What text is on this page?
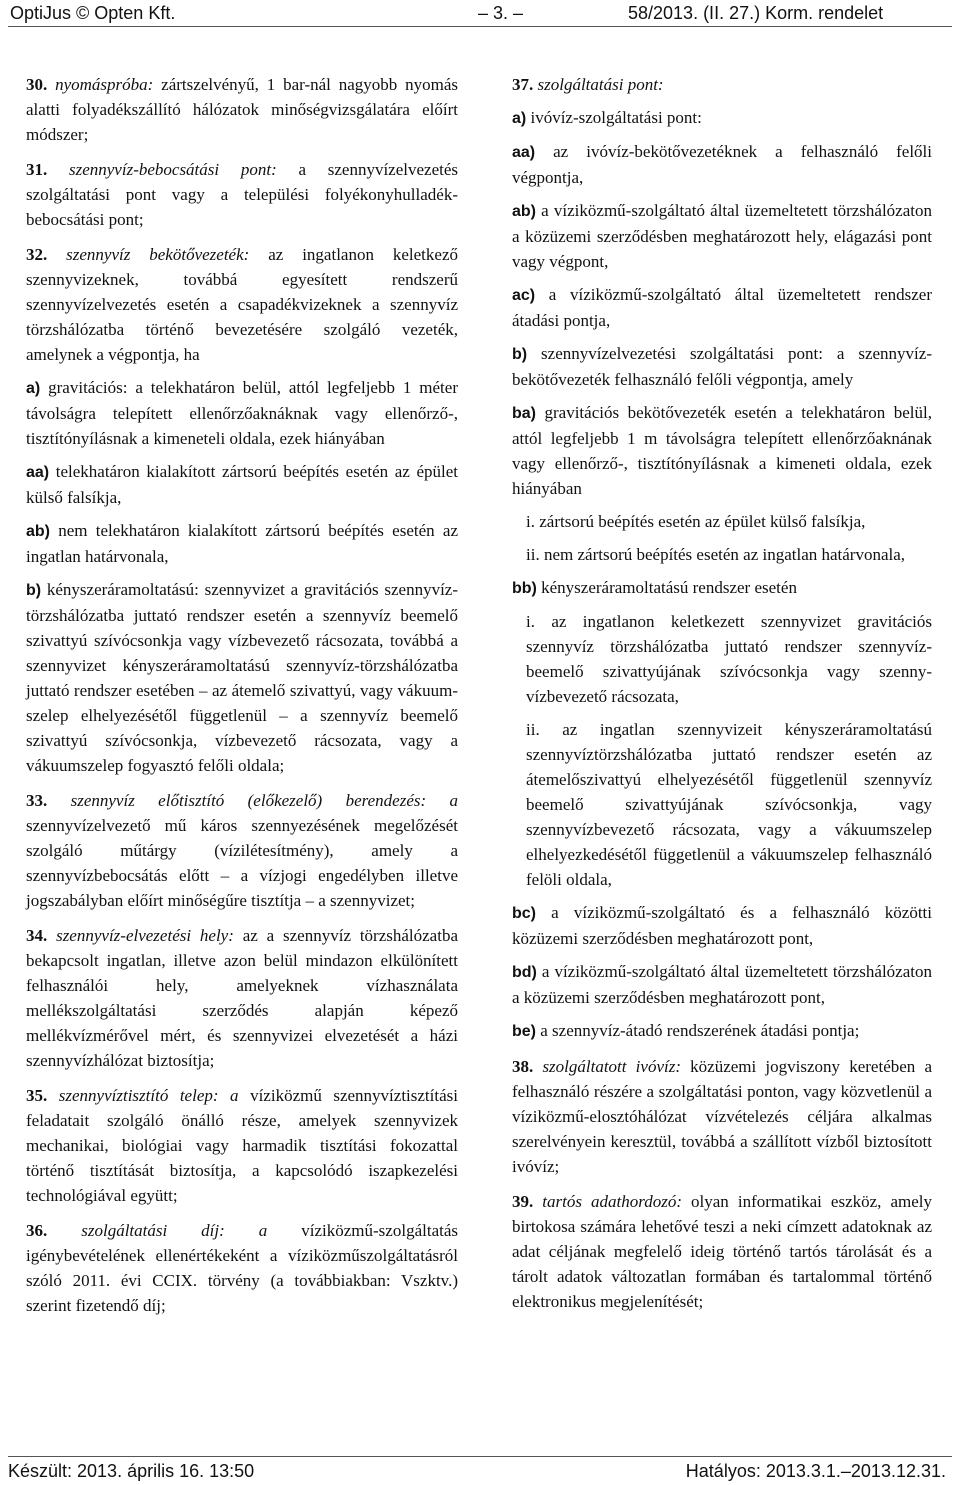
OptiJus © Opten Kft.	– 3. –	58/2013. (II. 27.) Korm. rendelet

30. nyomáspróba: zártszelvényű, 1 bar-nál nagyobb nyomás alatti folyadékszállító hálózatok minőségvizsgálatára előírt módszer;

31. szennyvíz-bebocsátási pont: a szennyvízelvezetés szolgáltatási pont vagy a települési folyékonyhulladék-bebocsátási pont;

32. szennyvíz bekötővezeték: az ingatlanon keletkező szennyvizeknek, továbbá egyesített rendszerű szennyvízelvezetés esetén a csapadékvizeknek a szennyvíz törzshálózatba történő bevezetésére szolgáló vezeték, amelynek a végpontja, ha

a) gravitációs: a telekhatáron belül, attól legfeljebb 1 méter távolságra telepített ellenőrzőaknáknak vagy ellenőrző-, tisztítónyílásnak a kimeneteli oldala, ezek hiányában

aa) telekhatáron kialakított zártsorú beépítés esetén az épület külső falsíkja,

ab) nem telekhatáron kialakított zártsorú beépítés esetén az ingatlan határvonala,

b) kényszeráramoltatású: szennyvizet a gravitációs szennyvíz-törzshálózatba juttató rendszer esetén a szennyvíz beemelő szivattyú szívócsonkja vagy vízbevezető rácsozata, továbbá a szennyvizet kényszeráramoltatású szennyvíz-törzshálózatba juttató rendszer esetében – az átemelő szivattyú, vagy vákuumszelep elhelyezésétől függetlenül – a szennyvíz beemelő szivattyú szívócsonkja, vízbevezető rácsozata, vagy a vákuumszelep fogyasztó felőli oldala;

33. szennyvíz előtisztító (előkezelő) berendezés: a szennyvízelvezető mű káros szennyezésének megelőzését szolgáló műtárgy (vízilétesítmény), amely a szennyvízbebocsátás előtt – a vízjogi engedélyben illetve jogszabályban előírt minőségűre tisztítja – a szennyvizet;

34. szennyvíz-elvezetési hely: az a szennyvíz törzshálózatba bekapcsolt ingatlan, illetve azon belül mindazon elkülönített felhasználói hely, amelyeknek vízhasználata mellékszolgáltatási szerződés alapján képező mellékvízmérővel mért, és szennyvizei elvezetését a házi szennyvízhálózat biztosítja;

35. szennyvíztisztító telep: a víziközmű szennyvíztisztítási feladatait szolgáló önálló része, amelyek szennyvizek mechanikai, biológiai vagy harmadik tisztítási fokozattal történő tisztítását biztosítja, a kapcsolódó iszapkezelési technológiával együtt;

36. szolgáltatási díj: a víziközmű-szolgáltatás igénybevételének ellenértékeként a víziközműszolgáltatásról szóló 2011. évi CCIX. törvény (a továbbiakban: Vszktv.) szerint fizetendő díj;

37. szolgáltatási pont:

a) ivóvíz-szolgáltatási pont:

aa) az ivóvíz-bekötővezetéknek a felhasználó felőli végpontja,

ab) a víziközmű-szolgáltató által üzemeltetett törzshálózaton a közüzemi szerződésben meghatározott hely, elágazási pont vagy végpont,

ac) a víziközmű-szolgáltató által üzemeltetett rendszer átadási pontja,

b) szennyvízelvezetési szolgáltatási pont: a szennyvíz-bekötővezeték felhasználó felőli végpontja, amely

ba) gravitációs bekötővezeték esetén a telekhatáron belül, attól legfeljebb 1 m távolságra telepített ellenőrzőaknának vagy ellenőrző-, tisztítónyílásnak a kimeneti oldala, ezek hiányában

i. zártsorú beépítés esetén az épület külső falsíkja,

ii. nem zártsorú beépítés esetén az ingatlan határvonala,

bb) kényszeráramoltatású rendszer esetén

i. az ingatlanon keletkezett szennyvizet gravitációs szennyvíz törzshálózatba juttató rendszer szennyvízbeemelő szivattyújának szívócsonkja vagy szennyvízbevezető rácsozata,

ii. az ingatlan szennyvizeit kényszeráramoltatású szennyvíztörzshálózatba juttató rendszer esetén az átemelőszivattyú elhelyezésétől függetlenül szennyvíz beemelő szivattyújának szívócsonkja, vagy szennyvízbevezető rácsozata, vagy a vákuumszelep elhelyezkedésétől függetlenül a vákuumszelep felhasználó felöli oldala,

bc) a víziközmű-szolgáltató és a felhasználó közötti közüzemi szerződésben meghatározott pont,

bd) a víziközmű-szolgáltató által üzemeltetett törzshálózaton a közüzemi szerződésben meghatározott pont,

be) a szennyvíz-átadó rendszerének átadási pontja;

38. szolgáltatott ivóvíz: közüzemi jogviszony keretében a felhasználó részére a szolgáltatási ponton, vagy közvetlenül a víziközmű-elosztóhálózat vízvételezés céljára alkalmas szerelvényein keresztül, továbbá a szállított vízből biztosított ivóvíz;

39. tartós adathordozó: olyan informatikai eszköz, amely birtokosa számára lehetővé teszi a neki címzett adatoknak az adat céljának megfelelő ideig történő tartós tárolását és a tárolt adatok változatlan formában és tartalommal történő elektronikus megjelenítését;

Készült: 2013. április 16. 13:50	Hatályos: 2013.3.1.–2013.12.31.
